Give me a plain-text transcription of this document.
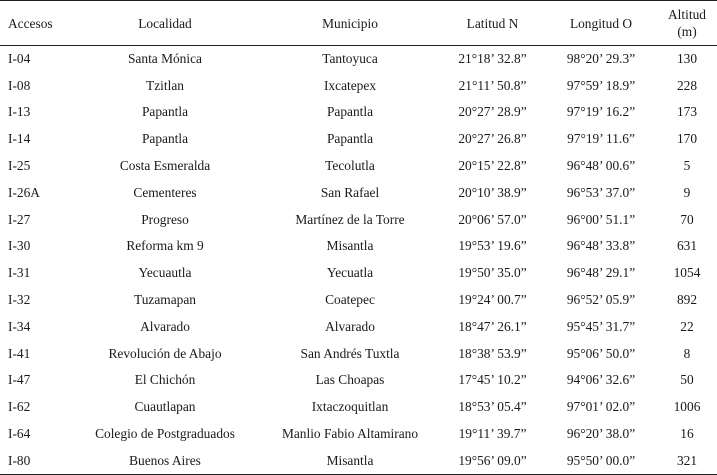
Accesos	Localidad	Municipio	Latitud N	Longitud O	Altitud
(m)
I-04	Santa Mónica	Tantoyuca	21°18’ 32.8”	98°20’ 29.3”	130
I-08	Tzitlan	Ixcatepex	21°11’ 50.8”	97°59’ 18.9”	228
I-13	Papantla	Papantla	20°27’ 28.9”	97°19’ 16.2”	173
I-14	Papantla	Papantla	20°27’ 26.8”	97°19’ 11.6”	170
I-25	Costa Esmeralda	Tecolutla	20°15’ 22.8”	96°48’ 00.6”	5
I-26A	Cementeres	San Rafael	20°10’ 38.9”	96°53’ 37.0”	9
I-27	Progreso	Martínez de la Torre	20°06’ 57.0”	96°00’ 51.1”	70
I-30	Reforma km 9	Misantla	19°53’ 19.6”	96°48’ 33.8”	631
I-31	Yecuautla	Yecuatla	19°50’ 35.0”	96°48’ 29.1”	1054
I-32	Tuzamapan	Coatepec	19°24’ 00.7”	96°52’ 05.9”	892
I-34	Alvarado	Alvarado	18°47’ 26.1”	95°45’ 31.7”	22
I-41	Revolución de Abajo	San Andrés Tuxtla	18°38’ 53.9”	95°06’ 50.0”	8
I-47	El Chichón	Las Choapas	17°45’ 10.2”	94°06’ 32.6”	50
I-62	Cuautlapan	Ixtaczoquitlan	18°53’ 05.4”	97°01’ 02.0”	1006
I-64	Colegio de Postgraduados	Manlio Fabio Altamirano	19°11’ 39.7”	96°20’ 38.0”	16
I-80	Buenos Aires	Misantla	19°56’ 09.0”	95°50’ 00.0”	321
